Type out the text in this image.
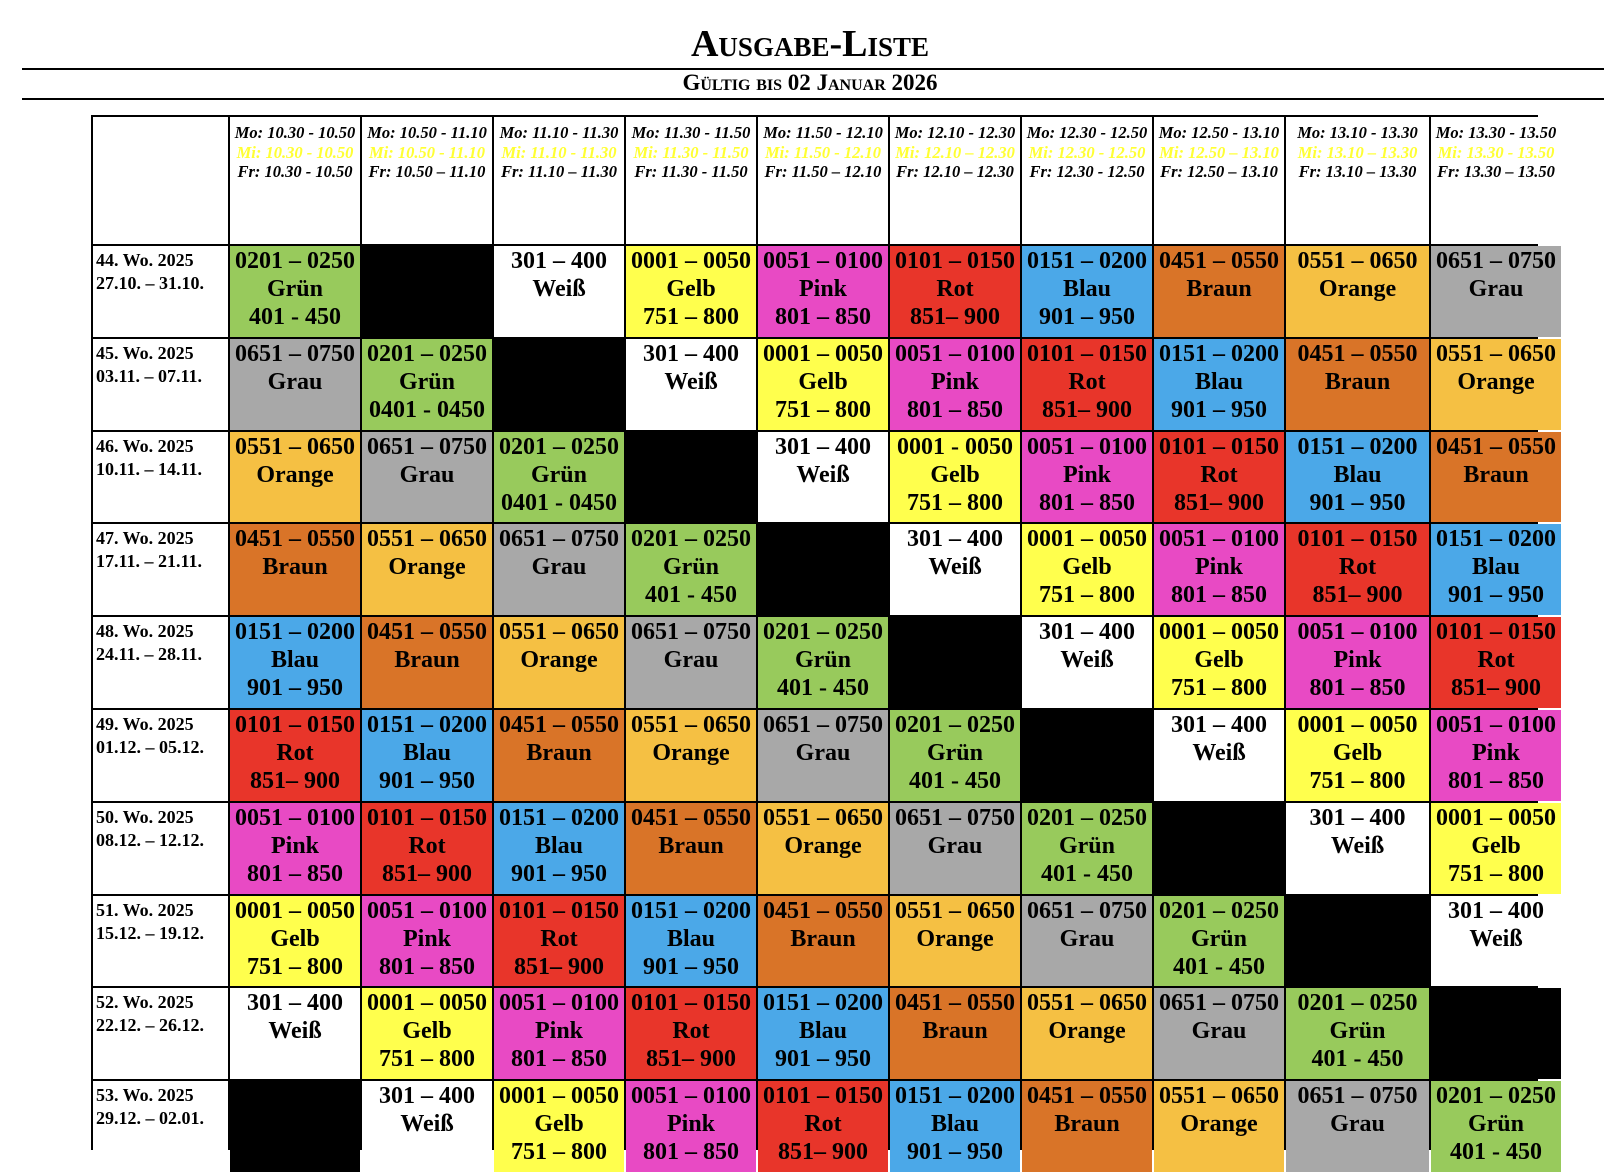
Ausgabe-Liste
Gültig bis 02 Januar 2026
Mo: 10.30 - 10.50
Mi: 10.30 - 10.50
Fr: 10.30 - 10.50
Mo: 10.50 - 11.10
Mi: 10.50 - 11.10
Fr: 10.50 – 11.10
Mo: 11.10 - 11.30
Mi: 11.10 - 11.30
Fr: 11.10 – 11.30
Mo: 11.30 - 11.50
Mi: 11.30 - 11.50
Fr: 11.30 - 11.50
Mo: 11.50 - 12.10
Mi: 11.50 - 12.10
Fr: 11.50 – 12.10
Mo: 12.10 - 12.30
Mi: 12.10 – 12.30
Fr: 12.10 – 12.30
Mo: 12.30 - 12.50
Mi: 12.30 - 12.50
Fr: 12.30 - 12.50
Mo: 12.50 - 13.10
Mi: 12.50 – 13.10
Fr: 12.50 – 13.10
Mo: 13.10 - 13.30
Mi: 13.10 – 13.30
Fr: 13.10 – 13.30
Mo: 13.30 - 13.50
Mi: 13.30 - 13.50
Fr: 13.30 – 13.50
44. Wo. 2025
27.10. – 31.10.
0201 – 0250
Grün
401 - 450
301 – 400
Weiß
0001 – 0050
Gelb
751 – 800
0051 – 0100
Pink
801 – 850
0101 – 0150
Rot
851– 900
0151 – 0200
Blau
901 – 950
0451 – 0550
Braun
0551 – 0650
Orange
0651 – 0750
Grau
45. Wo. 2025
03.11. – 07.11.
0651 – 0750
Grau
0201 – 0250
Grün
0401 - 0450
301 – 400
Weiß
0001 – 0050
Gelb
751 – 800
0051 – 0100
Pink
801 – 850
0101 – 0150
Rot
851– 900
0151 – 0200
Blau
901 – 950
0451 – 0550
Braun
0551 – 0650
Orange
46. Wo. 2025
10.11. – 14.11.
0551 – 0650
Orange
0651 – 0750
Grau
0201 – 0250
Grün
0401 - 0450
301 – 400
Weiß
0001 - 0050
Gelb
751 – 800
0051 – 0100
Pink
801 – 850
0101 – 0150
Rot
851– 900
0151 – 0200
Blau
901 – 950
0451 – 0550
Braun
47. Wo. 2025
17.11. – 21.11.
0451 – 0550
Braun
0551 – 0650
Orange
0651 – 0750
Grau
0201 – 0250
Grün
401 - 450
301 – 400
Weiß
0001 – 0050
Gelb
751 – 800
0051 – 0100
Pink
801 – 850
0101 – 0150
Rot
851– 900
0151 – 0200
Blau
901 – 950
48. Wo. 2025
24.11. – 28.11.
0151 – 0200
Blau
901 – 950
0451 – 0550
Braun
0551 – 0650
Orange
0651 – 0750
Grau
0201 – 0250
Grün
401 - 450
301 – 400
Weiß
0001 – 0050
Gelb
751 – 800
0051 – 0100
Pink
801 – 850
0101 – 0150
Rot
851– 900
49. Wo. 2025
01.12. – 05.12.
0101 – 0150
Rot
851– 900
0151 – 0200
Blau
901 – 950
0451 – 0550
Braun
0551 – 0650
Orange
0651 – 0750
Grau
0201 – 0250
Grün
401 - 450
301 – 400
Weiß
0001 – 0050
Gelb
751 – 800
0051 – 0100
Pink
801 – 850
50. Wo. 2025
08.12. – 12.12.
0051 – 0100
Pink
801 – 850
0101 – 0150
Rot
851– 900
0151 – 0200
Blau
901 – 950
0451 – 0550
Braun
0551 – 0650
Orange
0651 – 0750
Grau
0201 – 0250
Grün
401 - 450
301 – 400
Weiß
0001 – 0050
Gelb
751 – 800
51. Wo. 2025
15.12. – 19.12.
0001 – 0050
Gelb
751 – 800
0051 – 0100
Pink
801 – 850
0101 – 0150
Rot
851– 900
0151 – 0200
Blau
901 – 950
0451 – 0550
Braun
0551 – 0650
Orange
0651 – 0750
Grau
0201 – 0250
Grün
401 - 450
301 – 400
Weiß
52. Wo. 2025
22.12. – 26.12.
301 – 400
Weiß
0001 – 0050
Gelb
751 – 800
0051 – 0100
Pink
801 – 850
0101 – 0150
Rot
851– 900
0151 – 0200
Blau
901 – 950
0451 – 0550
Braun
0551 – 0650
Orange
0651 – 0750
Grau
0201 – 0250
Grün
401 - 450
53. Wo. 2025
29.12. – 02.01.
301 – 400
Weiß
0001 – 0050
Gelb
751 – 800
0051 – 0100
Pink
801 – 850
0101 – 0150
Rot
851– 900
0151 – 0200
Blau
901 – 950
0451 – 0550
Braun
0551 – 0650
Orange
0651 – 0750
Grau
0201 – 0250
Grün
401 - 450
